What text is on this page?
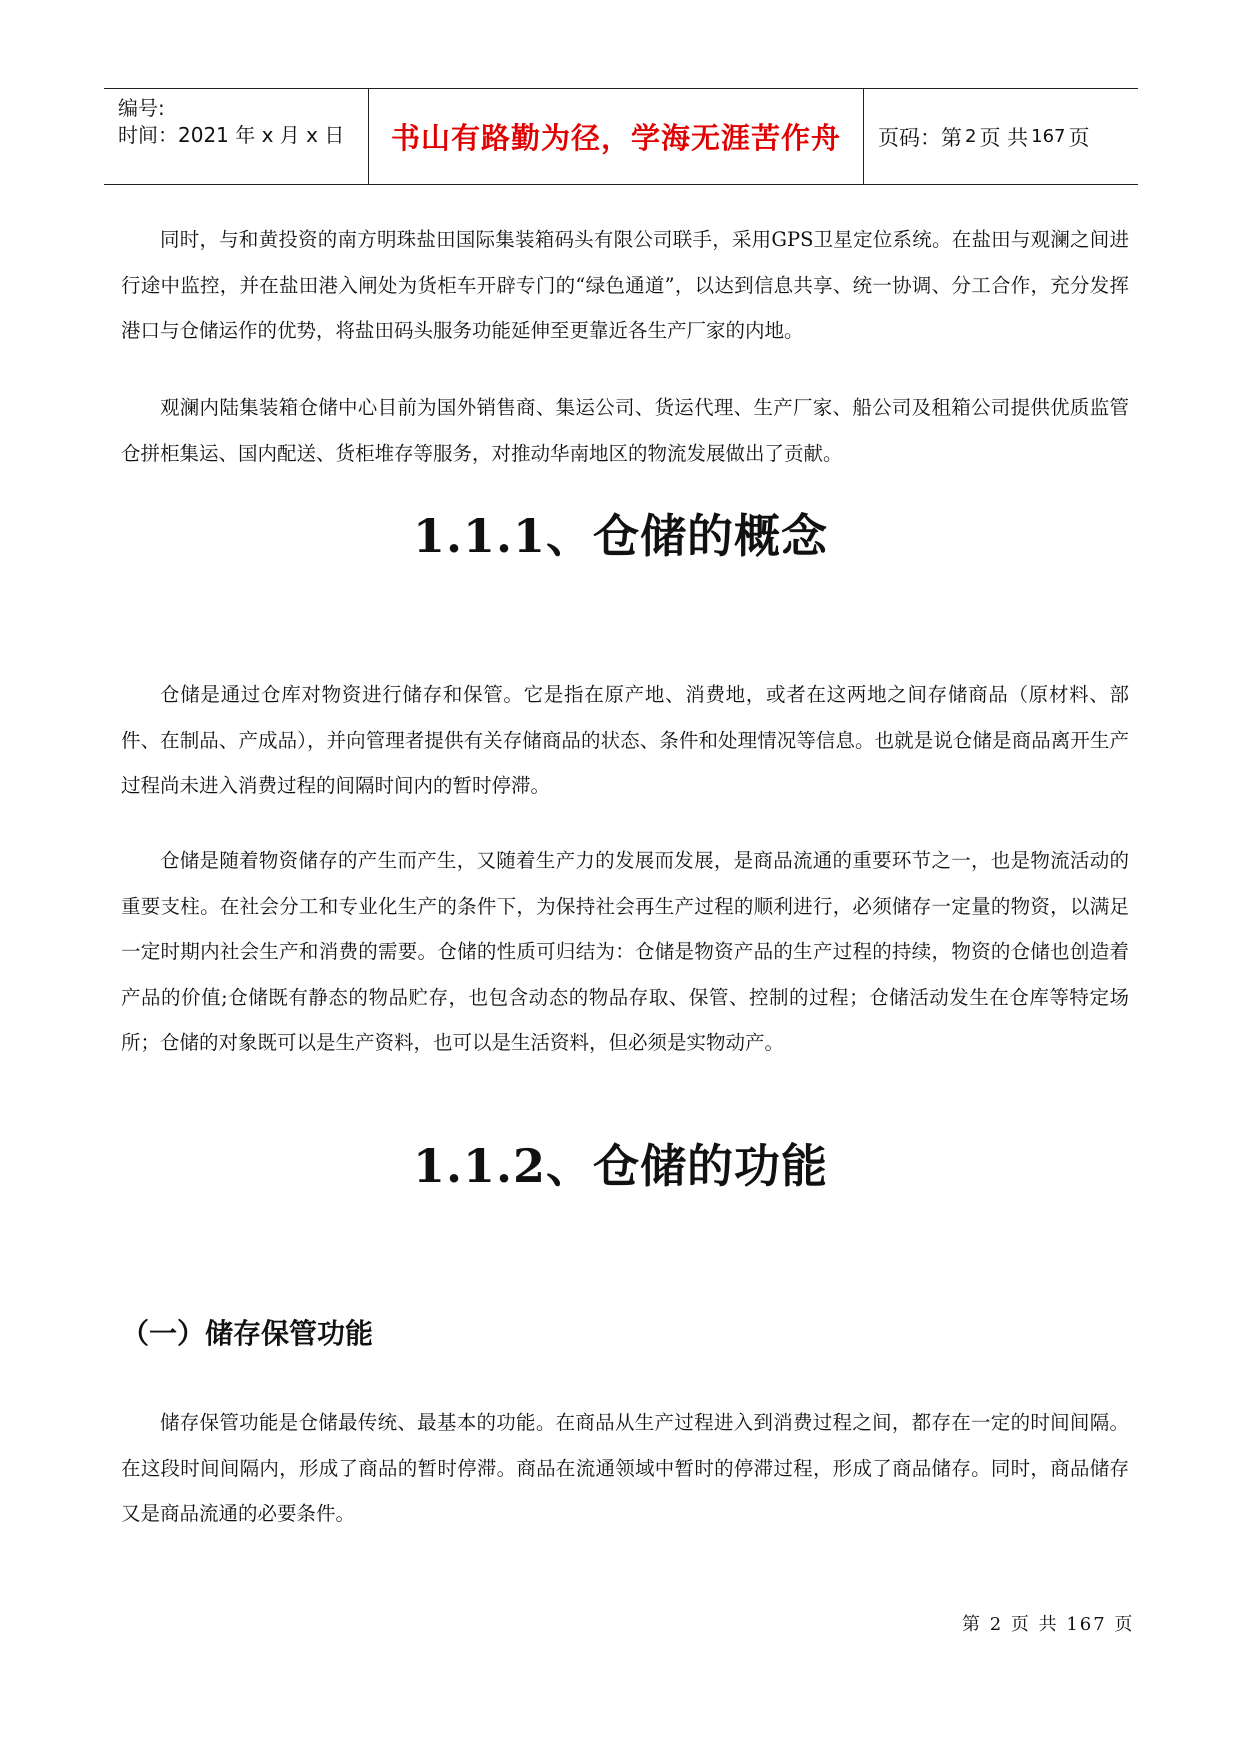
编号:
时间：2021 年 x 月 x 日	书山有路勤为径，学海无涯苦作舟	页码：第 2 页 共 167 页

同时，与和黄投资的南方明珠盐田国际集装箱码头有限公司联手，采用GPS卫星定位系统。在盐田与观澜之间进行途中监控，并在盐田港入闸处为货柜车开辟专门的“绿色通道”，以达到信息共享、统一协调、分工合作，充分发挥港口与仓储运作的优势，将盐田码头服务功能延伸至更靠近各生产厂家的内地。

观澜内陆集装箱仓储中心目前为国外销售商、集运公司、货运代理、生产厂家、船公司及租箱公司提供优质监管仓拼柜集运、国内配送、货柜堆存等服务，对推动华南地区的物流发展做出了贡献。

1.1.1、仓储的概念

仓储是通过仓库对物资进行储存和保管。它是指在原产地、消费地，或者在这两地之间存储商品（原材料、部件、在制品、产成品），并向管理者提供有关存储商品的状态、条件和处理情况等信息。也就是说仓储是商品离开生产过程尚未进入消费过程的间隔时间内的暂时停滞。

仓储是随着物资储存的产生而产生，又随着生产力的发展而发展，是商品流通的重要环节之一，也是物流活动的重要支柱。在社会分工和专业化生产的条件下，为保持社会再生产过程的顺利进行，必须储存一定量的物资，以满足一定时期内社会生产和消费的需要。仓储的性质可归结为：仓储是物资产品的生产过程的持续，物资的仓储也创造着产品的价值;仓储既有静态的物品贮存，也包含动态的物品存取、保管、控制的过程；仓储活动发生在仓库等特定场所；仓储的对象既可以是生产资料，也可以是生活资料，但必须是实物动产。

1.1.2、仓储的功能
（一）储存保管功能

储存保管功能是仓储最传统、最基本的功能。在商品从生产过程进入到消费过程之间，都存在一定的时间间隔。在这段时间间隔内，形成了商品的暂时停滞。商品在流通领域中暂时的停滞过程，形成了商品储存。同时，商品储存又是商品流通的必要条件。

第 2 页 共 167 页
